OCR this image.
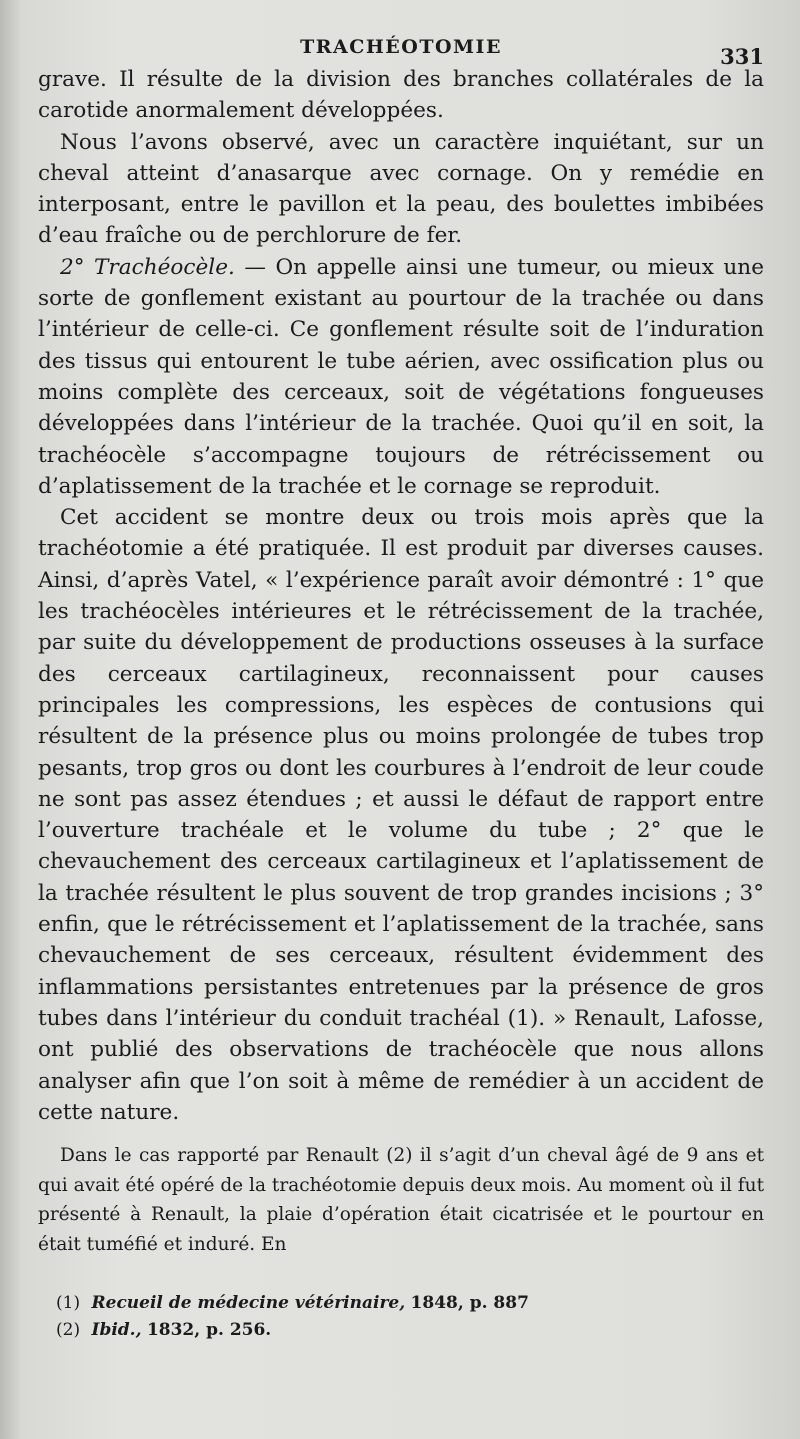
TRACHÉOTOMIE	331

grave. Il résulte de la division des branches collatérales de la carotide anormalement développées.

Nous l’avons observé, avec un caractère inquiétant, sur un cheval atteint d’anasarque avec cornage. On y remédie en interposant, entre le pavillon et la peau, des boulettes imbibées d’eau fraîche ou de perchlorure de fer.

2° Trachéocèle. — On appelle ainsi une tumeur, ou mieux une sorte de gonflement existant au pourtour de la trachée ou dans l’intérieur de celle-ci. Ce gonflement résulte soit de l’induration des tissus qui entourent le tube aérien, avec ossification plus ou moins complète des cerceaux, soit de végétations fongueuses développées dans l’intérieur de la trachée. Quoi qu’il en soit, la trachéocèle s’accompagne toujours de rétrécissement ou d’aplatissement de la trachée et le cornage se reproduit.

Cet accident se montre deux ou trois mois après que la trachéotomie a été pratiquée. Il est produit par diverses causes. Ainsi, d’après Vatel, « l’expérience paraît avoir démontré : 1° que les trachéocèles intérieures et le rétrécissement de la trachée, par suite du développement de productions osseuses à la surface des cerceaux cartilagineux, reconnaissent pour causes principales les compressions, les espèces de contusions qui résultent de la présence plus ou moins prolongée de tubes trop pesants, trop gros ou dont les courbures à l’endroit de leur coude ne sont pas assez étendues ; et aussi le défaut de rapport entre l’ouverture trachéale et le volume du tube ; 2° que le chevauchement des cerceaux cartilagineux et l’aplatissement de la trachée résultent le plus souvent de trop grandes incisions ; 3° enfin, que le rétrécissement et l’aplatissement de la trachée, sans chevauchement de ses cerceaux, résultent évidemment des inflammations persistantes entretenues par la présence de gros tubes dans l’intérieur du conduit trachéal (1). » Renault, Lafosse, ont publié des observations de trachéocèle que nous allons analyser afin que l’on soit à même de remédier à un accident de cette nature.

Dans le cas rapporté par Renault (2) il s’agit d’un cheval âgé de 9 ans et qui avait été opéré de la trachéotomie depuis deux mois. Au moment où il fut présenté à Renault, la plaie d’opération était cicatrisée et le pourtour en était tuméfié et induré. En

(1) Recueil de médecine vétérinaire, 1848, p. 887
(2) Ibid., 1832, p. 256.
